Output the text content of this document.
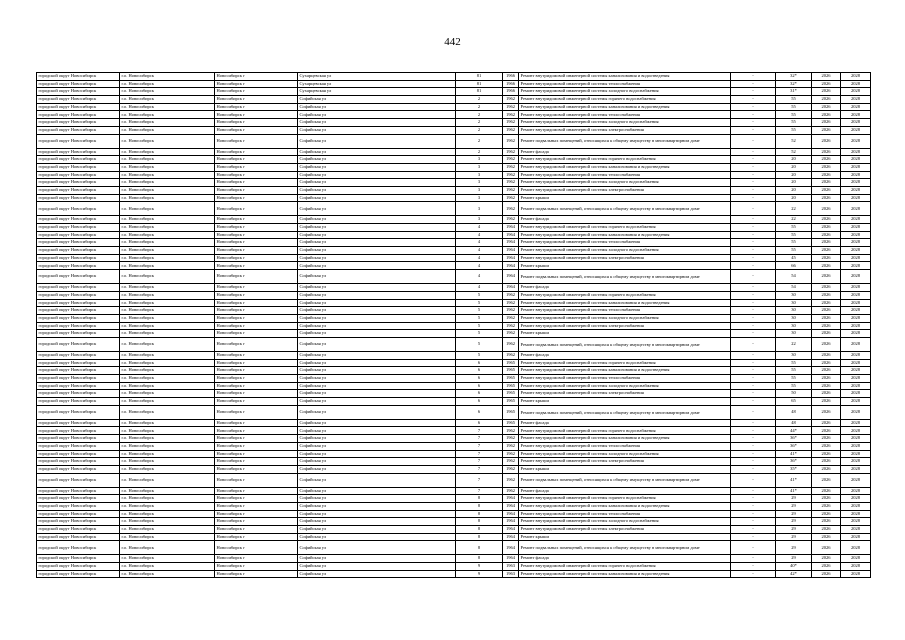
442
городской округ Новосибирск	г.о. Новосибирск	Новосибирск г	Сухарцевская ул	81	1966	Ремонт внутридомовой инженерной системы канализования и водоотведения	-	32*	2026	2028
городской округ Новосибирск	г.о. Новосибирск	Новосибирск г	Сухарцевская ул	81	1966	Ремонт внутридомовой инженерной системы теплоснабжения	-	32*	2026	2028
городской округ Новосибирск	г.о. Новосибирск	Новосибирск г	Сухарцевская ул	81	1966	Ремонт внутридомовой инженерной системы холодного водоснабжения	-	31*	2026	2028
городской округ Новосибирск	г.о. Новосибирск	Новосибирск г	Софийская ул	2	1962	Ремонт внутридомовой инженерной системы горячего водоснабжения	-	55	2026	2028
городской округ Новосибирск	г.о. Новосибирск	Новосибирск г	Софийская ул	2	1962	Ремонт внутридомовой инженерной системы канализования и водоотведения	-	55	2026	2028
городской округ Новосибирск	г.о. Новосибирск	Новосибирск г	Софийская ул	2	1962	Ремонт внутридомовой инженерной системы теплоснабжения	-	55	2026	2028
городской округ Новосибирск	г.о. Новосибирск	Новосибирск г	Софийская ул	2	1962	Ремонт внутридомовой инженерной системы холодного водоснабжения	-	55	2026	2028
городской округ Новосибирск	г.о. Новосибирск	Новосибирск г	Софийская ул	2	1962	Ремонт внутридомовой инженерной системы электроснабжения	-	55	2026	2028
городской округ Новосибирск	г.о. Новосибирск	Новосибирск г	Софийская ул	2	1962	Ремонт подвальных помещений, относящихся к общему имуществу в многоквартирном доме	-	52	2026	2028
городской округ Новосибирск	г.о. Новосибирск	Новосибирск г	Софийская ул	2	1962	Ремонт фасада	-	52	2026	2028
городской округ Новосибирск	г.о. Новосибирск	Новосибирск г	Софийская ул	3	1962	Ремонт внутридомовой инженерной системы горячего водоснабжения	-	20	2026	2028
городской округ Новосибирск	г.о. Новосибирск	Новосибирск г	Софийская ул	3	1962	Ремонт внутридомовой инженерной системы канализования и водоотведения	-	20	2026	2028
городской округ Новосибирск	г.о. Новосибирск	Новосибирск г	Софийская ул	3	1962	Ремонт внутридомовой инженерной системы теплоснабжения	-	20	2026	2028
городской округ Новосибирск	г.о. Новосибирск	Новосибирск г	Софийская ул	3	1962	Ремонт внутридомовой инженерной системы холодного водоснабжения	-	20	2026	2028
городской округ Новосибирск	г.о. Новосибирск	Новосибирск г	Софийская ул	3	1962	Ремонт внутридомовой инженерной системы электроснабжения	-	20	2026	2028
городской округ Новосибирск	г.о. Новосибирск	Новосибирск г	Софийская ул	3	1962	Ремонт крыши	-	20	2026	2028
городской округ Новосибирск	г.о. Новосибирск	Новосибирск г	Софийская ул	3	1962	Ремонт подвальных помещений, относящихся к общему имуществу в многоквартирном доме	-	22	2026	2028
городской округ Новосибирск	г.о. Новосибирск	Новосибирск г	Софийская ул	3	1962	Ремонт фасада	-	22	2026	2028
городской округ Новосибирск	г.о. Новосибирск	Новосибирск г	Софийская ул	4	1964	Ремонт внутридомовой инженерной системы горячего водоснабжения	-	55	2026	2028
городской округ Новосибирск	г.о. Новосибирск	Новосибирск г	Софийская ул	4	1964	Ремонт внутридомовой инженерной системы канализования и водоотведения	-	55	2026	2028
городской округ Новосибирск	г.о. Новосибирск	Новосибирск г	Софийская ул	4	1964	Ремонт внутридомовой инженерной системы теплоснабжения	-	55	2026	2028
городской округ Новосибирск	г.о. Новосибирск	Новосибирск г	Софийская ул	4	1964	Ремонт внутридомовой инженерной системы холодного водоснабжения	-	55	2026	2028
городской округ Новосибирск	г.о. Новосибирск	Новосибирск г	Софийская ул	4	1964	Ремонт внутридомовой инженерной системы электроснабжения	-	45	2026	2028
городской округ Новосибирск	г.о. Новосибирск	Новосибирск г	Софийская ул	4	1964	Ремонт крыши	-	66	2026	2028
городской округ Новосибирск	г.о. Новосибирск	Новосибирск г	Софийская ул	4	1964	Ремонт подвальных помещений, относящихся к общему имуществу в многоквартирном доме	-	54	2026	2028
городской округ Новосибирск	г.о. Новосибирск	Новосибирск г	Софийская ул	4	1964	Ремонт фасада	-	54	2026	2028
городской округ Новосибирск	г.о. Новосибирск	Новосибирск г	Софийская ул	5	1962	Ремонт внутридомовой инженерной системы горячего водоснабжения	-	30	2026	2028
городской округ Новосибирск	г.о. Новосибирск	Новосибирск г	Софийская ул	5	1962	Ремонт внутридомовой инженерной системы канализования и водоотведения	-	30	2026	2028
городской округ Новосибирск	г.о. Новосибирск	Новосибирск г	Софийская ул	5	1962	Ремонт внутридомовой инженерной системы теплоснабжения	-	30	2026	2028
городской округ Новосибирск	г.о. Новосибирск	Новосибирск г	Софийская ул	5	1962	Ремонт внутридомовой инженерной системы холодного водоснабжения	-	30	2026	2028
городской округ Новосибирск	г.о. Новосибирск	Новосибирск г	Софийская ул	5	1962	Ремонт внутридомовой инженерной системы электроснабжения	-	30	2026	2028
городской округ Новосибирск	г.о. Новосибирск	Новосибирск г	Софийская ул	5	1962	Ремонт крыши	-	30	2026	2028
городской округ Новосибирск	г.о. Новосибирск	Новосибирск г	Софийская ул	5	1962	Ремонт подвальных помещений, относящихся к общему имуществу в многоквартирном доме	-	22	2026	2028
городской округ Новосибирск	г.о. Новосибирск	Новосибирск г	Софийская ул	5	1962	Ремонт фасада	-	30	2026	2028
городской округ Новосибирск	г.о. Новосибирск	Новосибирск г	Софийская ул	6	1965	Ремонт внутридомовой инженерной системы горячего водоснабжения	-	55	2026	2028
городской округ Новосибирск	г.о. Новосибирск	Новосибирск г	Софийская ул	6	1965	Ремонт внутридомовой инженерной системы канализования и водоотведения	-	55	2026	2028
городской округ Новосибирск	г.о. Новосибирск	Новосибирск г	Софийская ул	6	1965	Ремонт внутридомовой инженерной системы теплоснабжения	-	55	2026	2028
городской округ Новосибирск	г.о. Новосибирск	Новосибирск г	Софийская ул	6	1965	Ремонт внутридомовой инженерной системы холодного водоснабжения	-	55	2026	2028
городской округ Новосибирск	г.о. Новосибирск	Новосибирск г	Софийская ул	6	1965	Ремонт внутридомовой инженерной системы электроснабжения	-	50	2026	2028
городской округ Новосибирск	г.о. Новосибирск	Новосибирск г	Софийская ул	6	1965	Ремонт крыши	-	65	2026	2028
городской округ Новосибирск	г.о. Новосибирск	Новосибирск г	Софийская ул	6	1965	Ремонт подвальных помещений, относящихся к общему имуществу в многоквартирном доме	-	48	2026	2028
городской округ Новосибирск	г.о. Новосибирск	Новосибирск г	Софийская ул	6	1965	Ремонт фасада	-	48	2026	2028
городской округ Новосибирск	г.о. Новосибирск	Новосибирск г	Софийская ул	7	1962	Ремонт внутридомовой инженерной системы горячего водоснабжения	-	44*	2026	2028
городской округ Новосибирск	г.о. Новосибирск	Новосибирск г	Софийская ул	7	1962	Ремонт внутридомовой инженерной системы канализования и водоотведения	-	36*	2026	2028
городской округ Новосибирск	г.о. Новосибирск	Новосибирск г	Софийская ул	7	1962	Ремонт внутридомовой инженерной системы теплоснабжения	-	36*	2026	2028
городской округ Новосибирск	г.о. Новосибирск	Новосибирск г	Софийская ул	7	1962	Ремонт внутридомовой инженерной системы холодного водоснабжения	-	41*	2026	2028
городской округ Новосибирск	г.о. Новосибирск	Новосибирск г	Софийская ул	7	1962	Ремонт внутридомовой инженерной системы электроснабжения	-	36*	2026	2028
городской округ Новосибирск	г.о. Новосибирск	Новосибирск г	Софийская ул	7	1962	Ремонт крыши	-	35*	2026	2028
городской округ Новосибирск	г.о. Новосибирск	Новосибирск г	Софийская ул	7	1962	Ремонт подвальных помещений, относящихся к общему имуществу в многоквартирном доме	-	41*	2026	2028
городской округ Новосибирск	г.о. Новосибирск	Новосибирск г	Софийская ул	7	1962	Ремонт фасада	-	41*	2026	2028
городской округ Новосибирск	г.о. Новосибирск	Новосибирск г	Софийская ул	8	1964	Ремонт внутридомовой инженерной системы горячего водоснабжения	-	29	2026	2028
городской округ Новосибирск	г.о. Новосибирск	Новосибирск г	Софийская ул	8	1964	Ремонт внутридомовой инженерной системы канализования и водоотведения	-	29	2026	2028
городской округ Новосибирск	г.о. Новосибирск	Новосибирск г	Софийская ул	8	1964	Ремонт внутридомовой инженерной системы теплоснабжения	-	29	2026	2028
городской округ Новосибирск	г.о. Новосибирск	Новосибирск г	Софийская ул	8	1964	Ремонт внутридомовой инженерной системы холодного водоснабжения	-	29	2026	2028
городской округ Новосибирск	г.о. Новосибирск	Новосибирск г	Софийская ул	8	1964	Ремонт внутридомовой инженерной системы электроснабжения	-	29	2026	2028
городской округ Новосибирск	г.о. Новосибирск	Новосибирск г	Софийская ул	8	1964	Ремонт крыши	-	29	2026	2028
городской округ Новосибирск	г.о. Новосибирск	Новосибирск г	Софийская ул	8	1964	Ремонт подвальных помещений, относящихся к общему имуществу в многоквартирном доме	-	29	2026	2028
городской округ Новосибирск	г.о. Новосибирск	Новосибирск г	Софийская ул	8	1964	Ремонт фасада	-	29	2026	2028
городской округ Новосибирск	г.о. Новосибирск	Новосибирск г	Софийская ул	9	1963	Ремонт внутридомовой инженерной системы горячего водоснабжения	-	40*	2026	2028
городской округ Новосибирск	г.о. Новосибирск	Новосибирск г	Софийская ул	9	1963	Ремонт внутридомовой инженерной системы канализования и водоотведения	-	42*	2026	2028
